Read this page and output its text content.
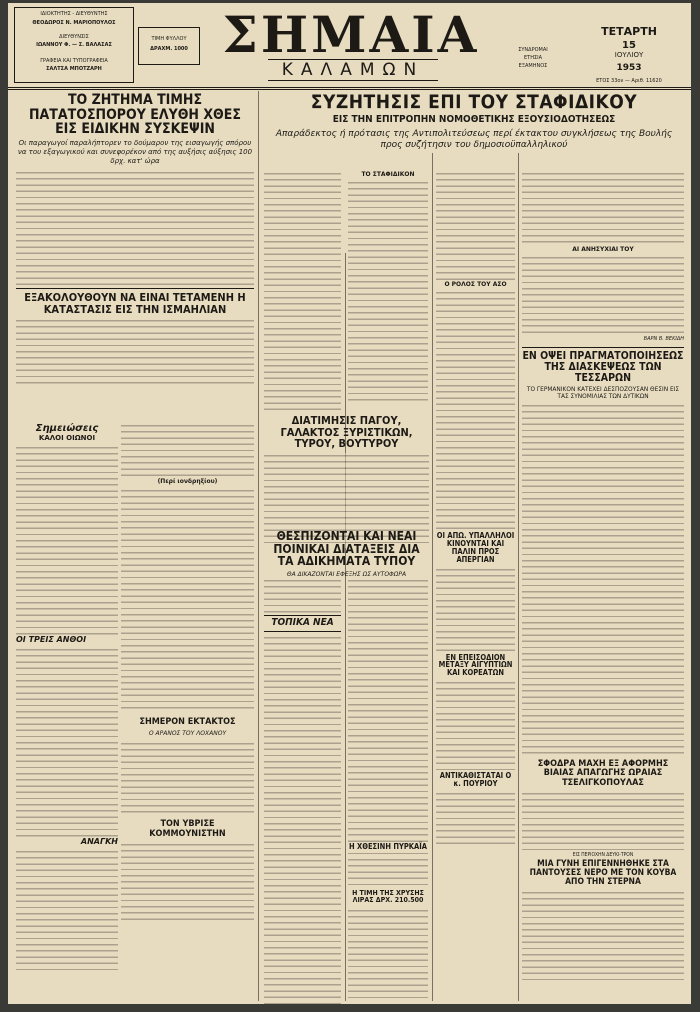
ΙΔΙΟΚΤΗΤΗΣ - ΔΙΕΥΘΥΝΤΗΣ
ΘΕΟΔΩΡΟΣ Ν. ΜΑΡΙΟΠΟΥΛΟΣ
ΔΙΕΥΘΥΝΣΙΣ
ΙΩΑΝΝΟΥ Φ. — Σ. ΒΑΛΑΣΑΣ
ΓΡΑΦΕΙΑ ΚΑΙ ΤΥΠΟΓΡΑΦΕΙΑ
ΣΑΛΤΣΑ ΜΠΟΤΖΑΡΗ
ΤΙΜΗ ΦΥΛΛΟΥ
ΔΡΑΧΜ. 1000 ΣΗΜΑΙΑ
ΚΑΛΑΜΩΝ
ΣΥΝΔΡΟΜΑΙ
ΕΤΗΣΙΑ
ΕΞΑΜΗΝΟΣ
ΤΕΤΑΡΤΗ
15
ΙΟΥΛΙΟΥ
1953
ΕΤΟΣ 33ον — Αριθ. 11620
ΤΟ ΖΗΤΗΜΑ ΤΙΜΗΣ ΠΑΤΑΤΟΣΠΟΡΟΥ ΕΛΥΘΗ ΧΘΕΣ ΕΙΣ ΕΙΔΙΚΗΝ ΣΥΣΚΕΨΙΝ
Οι παραγωγοί παραλήπτορεν το δούμαρον της εισαγωγής σπόρου να του εξαγωγικού και συνεφορέκον από της αυξήσις αύξησις 100 δρχ. κατ' ώρα
ΕΞΑΚΟΛΟΥΘΟΥΝ ΝΑ ΕΙΝΑΙ ΤΕΤΑΜΕΝΗ Η ΚΑΤΑΣΤΑΣΙΣ ΕΙΣ ΤΗΝ ΙΣΜΑΗΛΙΑΝ
Σημειώσεις
ΚΑΛΟΙ ΟΙΩΝΟΙ
ΟΙ ΤΡΕΙΣ ΑΝΘΟΙ
ΑΝΑΓΚΗ
(Περί ιονδρηξίου)
ΣΗΜΕΡΟΝ ΕΚΤΑΚΤΟΣ
Ο ΑΡΑΝΟΣ ΤΟΥ ΛΟΧΑΝΟΥ
ΤΟΝ ΥΒΡΙΣΕ ΚΟΜΜΟΥΝΙΣΤΗΝ
ΣΥΖΗΤΗΣΙΣ ΕΠΙ ΤΟΥ ΣΤΑΦΙΔΙΚΟΥ
ΕΙΣ ΤΗΝ ΕΠΙΤΡΟΠΗΝ ΝΟΜΟΘΕΤΙΚΗΣ ΕΞΟΥΣΙΟΔΟΤΗΣΕΩΣ
Απαράδεκτος ή πρότασις της Αντιπολιτεύσεως περί έκτακτου συγκλήσεως της Βουλής προς συζήτησιν του δημοσιοϋπαλληλικού
ΤΟ ΣΤΑΦΙΔΙΚΟΝ
ΔΙΑΤΙΜΗΣΙΣ ΠΑΓΟΥ, ΓΑΛΑΚΤΟΣ ΞΥΡΙΣΤΙΚΩΝ, ΤΥΡΟΥ, ΒΟΥΤΥΡΟΥ
ΘΕΣΠΙΖΟΝΤΑΙ ΚΑΙ ΝΕΑΙ ΠΟΙΝΙΚΑΙ ΔΙΑΤΑΞΕΙΣ ΔΙΑ ΤΑ ΑΔΙΚΗΜΑΤΑ ΤΥΠΟΥ
ΘΑ ΔΙΚΑΖΟΝΤΑΙ ΕΦΕΞΗΣ ΩΣ ΑΥΤΟΦΩΡΑ
ΤΟΠΙΚΑ ΝΕΑ
Η ΤΙΜΗ ΤΗΣ ΧΡΥΣΗΣ ΛΙΡΑΣ ΔΡΧ. 210.500
Ο ΡΟΛΟΣ ΤΟΥ ΑΣΟ
ΟΙ ΑΠΩ. ΥΠΑΛΛΗΛΟΙ ΚΙΝΟΥΝΤΑΙ ΚΑΙ ΠΑΛΙΝ ΠΡΟΣ ΑΠΕΡΓΙΑΝ
ΕΝ ΕΠΕΙΣΟΔΙΟΝ ΜΕΤΑΞΥ ΑΙΓΥΠΤΙΩΝ ΚΑΙ ΚΟΡΕΑΤΩΝ
ΑΝΤΙΚΑΘΙΣΤΑΤΑΙ Ο κ. ΠΟΥΡΙΟΥ
ΑΙ ΑΝΗΣΥΧΙΑΙ ΤΟΥ
ΒΑΡΝ Β. ΒΕΚΙΔΗ
ΕΝ ΟΨΕΙ ΠΡΑΓΜΑΤΟΠΟΙΗΣΕΩΣ ΤΗΣ ΔΙΑΣΚΕΨΕΩΣ ΤΩΝ ΤΕΣΣΑΡΩΝ
ΤΟ ΓΕΡΜΑΝΙΚΟΝ ΚΑΤΕΧΕΙ ΔΕΣΠΟΖΟΥΣΑΝ ΘΕΣΙΝ ΕΙΣ ΤΑΣ ΣΥΝΟΜΙΛΙΑΣ ΤΩΝ ΔΥΤΙΚΩΝ
ΣΦΟΔΡΑ ΜΑΧΗ ΕΞ ΑΦΟΡΜΗΣ ΒΙΑΙΑΣ ΑΠΑΓΩΓΗΣ ΩΡΑΙΑΣ ΤΣΕΛΙΓΚΟΠΟΥΛΑΣ
ΕΙΣ ΠΕΡΙΟΧΗΝ ΔΕΥΚΙ-ΤΡΟΝ
ΜΙΑ ΓΥΝΗ ΕΠΙΓΕΝΝΗΘΗΚΕ ΣΤΑ ΠΑΝΤΟΥΣΕΣ ΝΕΡΟ ΜΕ ΤΟΝ ΚΟΥΒΑ ΑΠΟ ΤΗΝ ΣΤΕΡΝΑ
Η ΧΘΕΣΙΝΗ ΠΥΡΚΑΪΑ
